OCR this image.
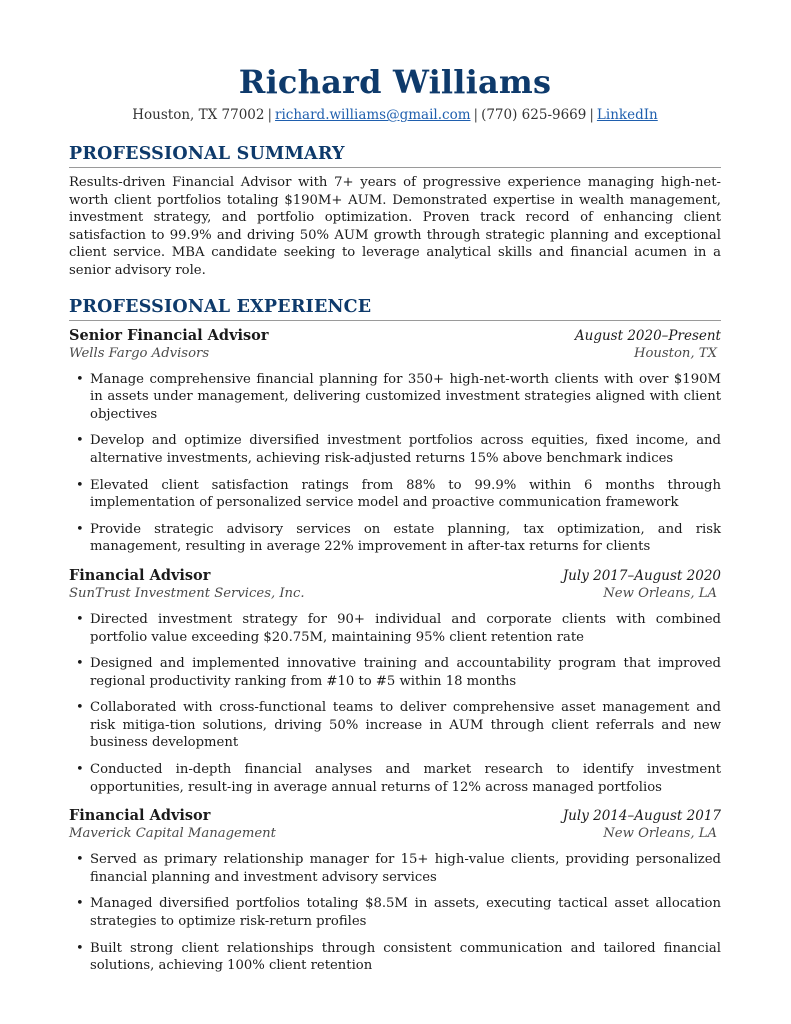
Richard Williams
Houston, TX 77002 | richard.williams@gmail.com | (770) 625-9669 | LinkedIn
PROFESSIONAL SUMMARY

Results-driven Financial Advisor with 7+ years of progressive experience managing high-net-worth client portfolios totaling $190M+ AUM. Demonstrated expertise in wealth management, investment strategy, and portfolio optimization. Proven track record of enhancing client satisfaction to 99.9% and driving 50% AUM growth through strategic planning and exceptional client service. MBA candidate seeking to leverage analytical skills and financial acumen in a senior advisory role.

PROFESSIONAL EXPERIENCE
Senior Financial Advisor	August 2020–Present
Wells Fargo Advisors	Houston, TX
• Manage comprehensive financial planning for 350+ high-net-worth clients with over $190M in assets under management, delivering customized investment strategies aligned with client objectives
• Develop and optimize diversified investment portfolios across equities, fixed income, and alternative investments, achieving risk-adjusted returns 15% above benchmark indices
• Elevated client satisfaction ratings from 88% to 99.9% within 6 months through implementation of personalized service model and proactive communication framework
• Provide strategic advisory services on estate planning, tax optimization, and risk management, resulting in average 22% improvement in after-tax returns for clients
Financial Advisor	July 2017–August 2020
SunTrust Investment Services, Inc.	New Orleans, LA
• Directed investment strategy for 90+ individual and corporate clients with combined portfolio value exceeding $20.75M, maintaining 95% client retention rate
• Designed and implemented innovative training and accountability program that improved regional productivity ranking from #10 to #5 within 18 months
• Collaborated with cross-functional teams to deliver comprehensive asset management and risk mitiga-tion solutions, driving 50% increase in AUM through client referrals and new business development
• Conducted in-depth financial analyses and market research to identify investment opportunities, result-ing in average annual returns of 12% across managed portfolios
Financial Advisor	July 2014–August 2017
Maverick Capital Management	New Orleans, LA
• Served as primary relationship manager for 15+ high-value clients, providing personalized financial planning and investment advisory services
• Managed diversified portfolios totaling $8.5M in assets, executing tactical asset allocation strategies to optimize risk-return profiles
• Built strong client relationships through consistent communication and tailored financial solutions, achieving 100% client retention
